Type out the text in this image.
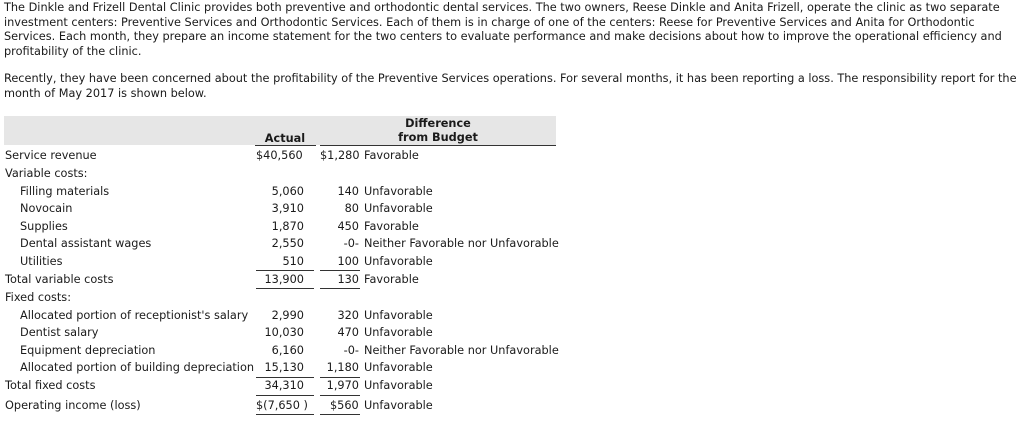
The Dinkle and Frizell Dental Clinic provides both preventive and orthodontic dental services. The two owners, Reese Dinkle and Anita Frizell, operate the clinic as two separate investment centers: Preventive Services and Orthodontic Services. Each of them is in charge of one of the centers: Reese for Preventive Services and Anita for Orthodontic Services. Each month, they prepare an income statement for the two centers to evaluate performance and make decisions about how to improve the operational efficiency and profitability of the clinic.

Recently, they have been concerned about the profitability of the Preventive Services operations. For several months, it has been reporting a loss. The responsibility report for the month of May 2017 is shown below.

Actual
Difference
from Budget
Service revenue	$40,560	$1,280 Favorable
Variable costs:
Filling materials	5,060	140 Unfavorable
Novocain	3,910	80 Unfavorable
Supplies	1,870	450 Favorable
Dental assistant wages	2,550	-0- Neither Favorable nor Unfavorable
Utilities	510	100 Unfavorable
Total variable costs	13,900	130 Favorable
Fixed costs:
Allocated portion of receptionist's salary	2,990	320 Unfavorable
Dentist salary	10,030	470 Unfavorable
Equipment depreciation	6,160	-0- Neither Favorable nor Unfavorable
Allocated portion of building depreciation 15,130	1,180 Unfavorable
Total fixed costs	34,310	1,970 Unfavorable
Operating income (loss)	$(7,650 )	$560 Unfavorable
